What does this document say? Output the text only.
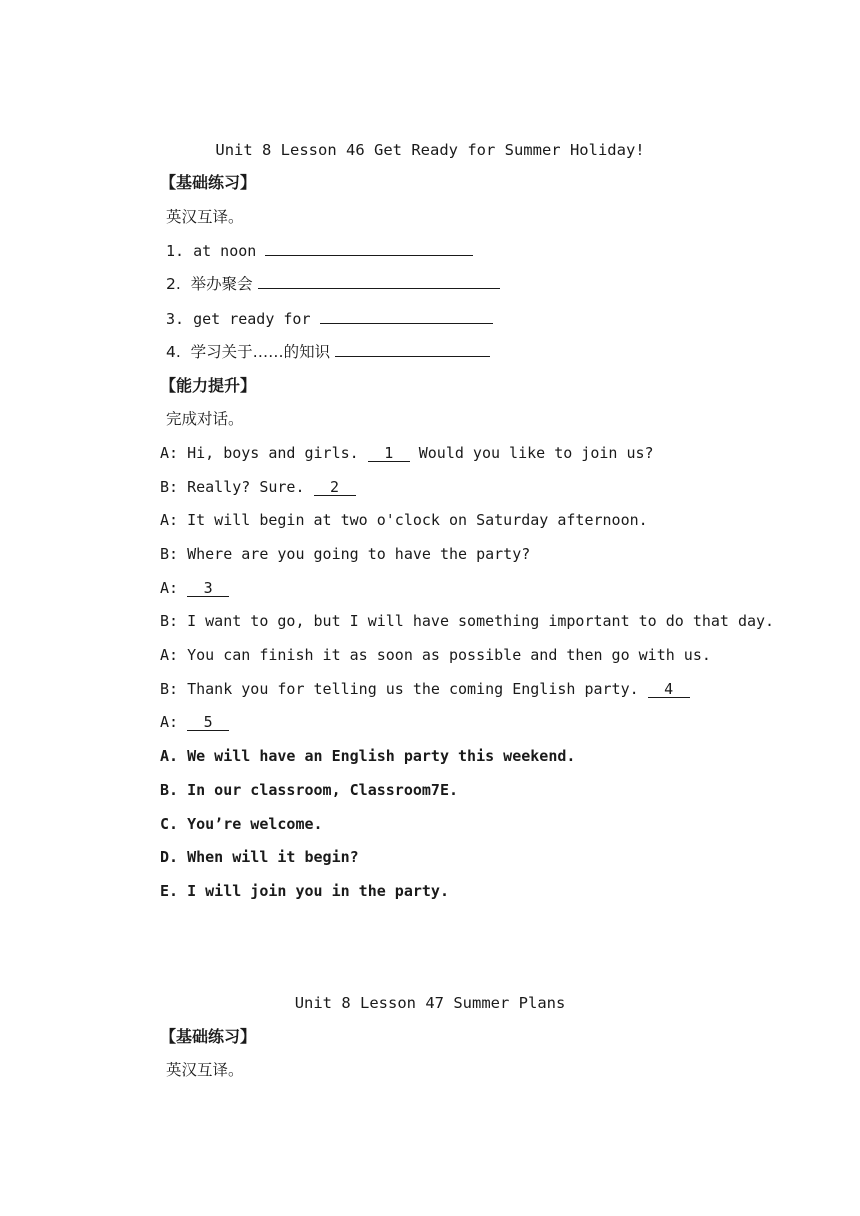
Unit 8 Lesson 46 Get Ready for Summer Holiday!
【基础练习】
英汉互译。
1. at noon
2. 举办聚会
3. get ready for
4. 学习关于……的知识
【能力提升】
完成对话。
A: Hi, boys and girls. 1 Would you like to join us?
B: Really? Sure. 2
A: It will begin at two o'clock on Saturday afternoon.
B: Where are you going to have the party?
A: 3
B: I want to go, but I will have something important to do that day.
A: You can finish it as soon as possible and then go with us.
B: Thank you for telling us the coming English party. 4
A: 5
A. We will have an English party this weekend.
B. In our classroom, Classroom7E.
C. You’re welcome.
D. When will it begin?
E. I will join you in the party.
Unit 8 Lesson 47 Summer Plans
【基础练习】
英汉互译。
